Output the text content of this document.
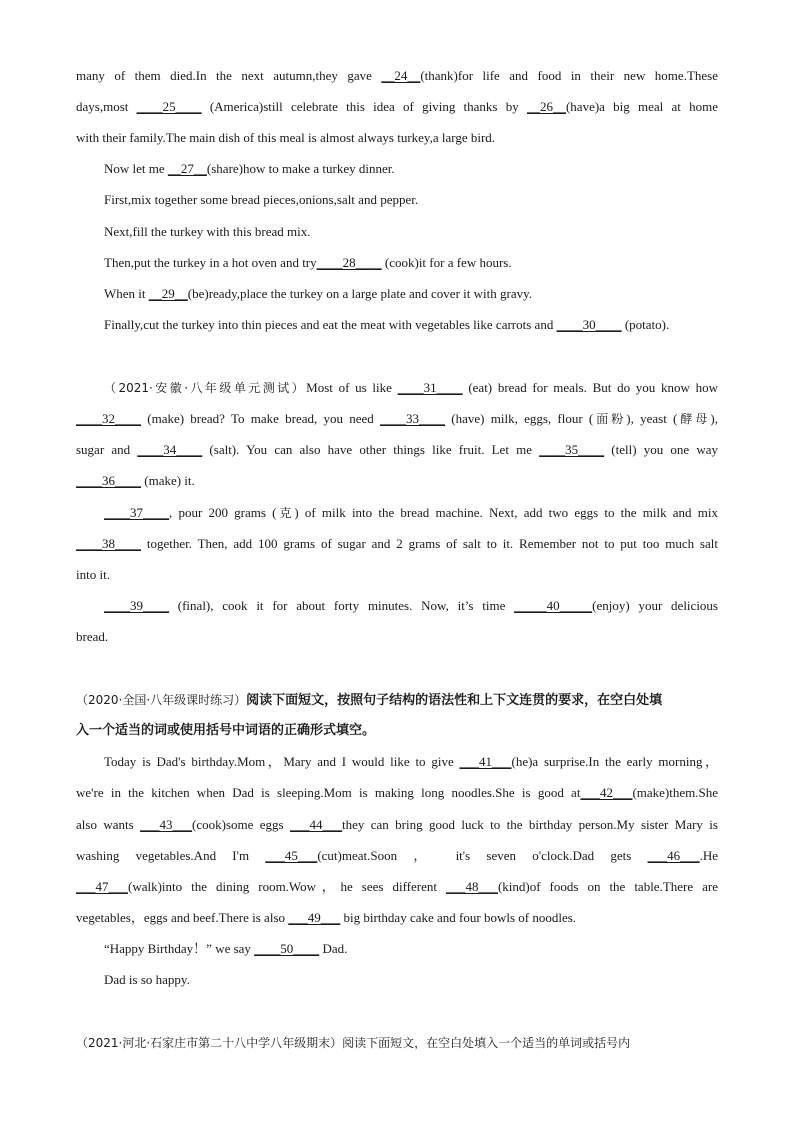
many of them died.In the next autumn,they gave __24__(thank)for life and food in their new home.These
days,most ____25____ (America)still celebrate this idea of giving thanks by __26__(have)a big meal at home
with their family.The main dish of this meal is almost always turkey,a large bird.
Now let me __27__(share)how to make a turkey dinner.
First,mix together some bread pieces,onions,salt and pepper.
Next,fill the turkey with this bread mix.
Then,put the turkey in a hot oven and try____28____ (cook)it for a few hours.
When it __29__(be)ready,place the turkey on a large plate and cover it with gravy.
Finally,cut the turkey into thin pieces and eat the meat with vegetables like carrots and ____30____ (potato).
（2021·安徽·八年级单元测试）Most of us like ____31____ (eat) bread for meals. But do you know how
____32____ (make) bread? To make bread, you need ____33____ (have) milk, eggs, flour (面粉), yeast (酵母),
sugar and ____34____ (salt). You can also have other things like fruit. Let me ____35____ (tell) you one way
____36____ (make) it.
____37____, pour 200 grams (克) of milk into the bread machine. Next, add two eggs to the milk and mix
____38____ together. Then, add 100 grams of sugar and 2 grams of salt to it. Remember not to put too much salt
into it.
____39____ (final), cook it for about forty minutes. Now, it’s time _____40_____(enjoy) your delicious
bread.
（2020·全国·八年级课时练习）阅读下面短文，按照句子结构的语法性和上下文连贯的要求，在空白处填
入一个适当的词或使用括号中词语的正确形式填空。
Today is Dad's birthday.Mom，Mary and I would like to give ___41___(he)a surprise.In the early morning，
we're in the kitchen when Dad is sleeping.Mom is making long noodles.She is good at___42___(make)them.She
also wants ___43___(cook)some eggs ___44___they can bring good luck to the birthday person.My sister Mary is
washing vegetables.And I'm ___45___(cut)meat.Soon ， it's seven o'clock.Dad gets ___46___.He
___47___(walk)into the dining room.Wow，he sees different ___48___(kind)of foods on the table.There are
vegetables，eggs and beef.There is also ___49___ big birthday cake and four bowls of noodles.
“Happy Birthday！” we say ____50____ Dad.
Dad is so happy.
（2021·河北·石家庄市第二十八中学八年级期末）阅读下面短文，在空白处填入一个适当的单词或括号内
